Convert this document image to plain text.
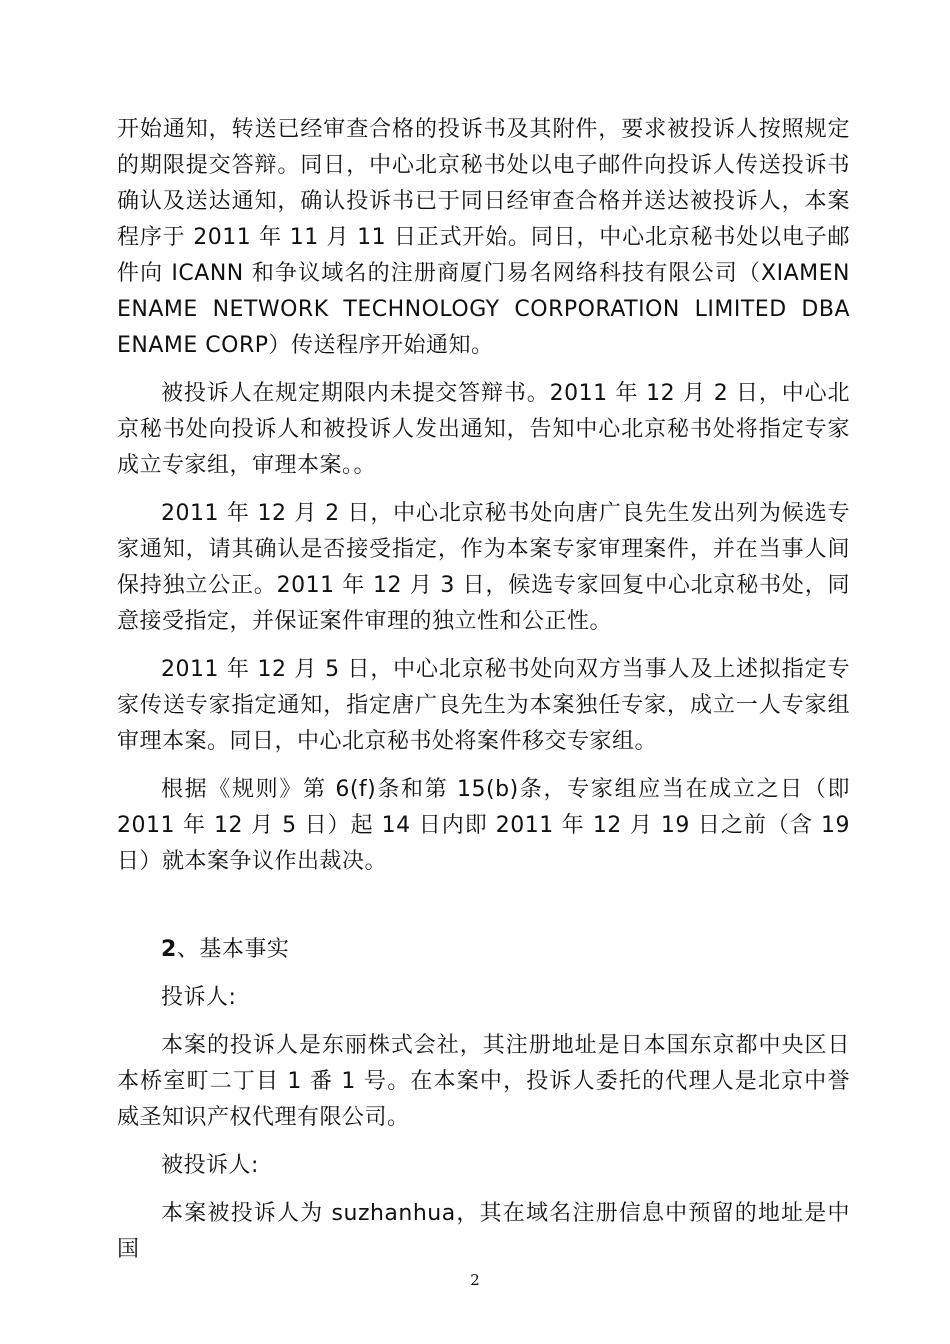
开始通知，转送已经审查合格的投诉书及其附件，要求被投诉人按照规定的期限提交答辩。同日，中心北京秘书处以电子邮件向投诉人传送投诉书确认及送达通知，确认投诉书已于同日经审查合格并送达被投诉人，本案程序于 2011 年 11 月 11 日正式开始。同日，中心北京秘书处以电子邮件向 ICANN 和争议域名的注册商厦门易名网络科技有限公司（XIAMEN ENAME NETWORK TECHNOLOGY CORPORATION LIMITED DBA ENAME CORP）传送程序开始通知。

被投诉人在规定期限内未提交答辩书。2011 年 12 月 2 日，中心北京秘书处向投诉人和被投诉人发出通知，告知中心北京秘书处将指定专家成立专家组，审理本案。。

2011 年 12 月 2 日，中心北京秘书处向唐广良先生发出列为候选专家通知，请其确认是否接受指定，作为本案专家审理案件，并在当事人间保持独立公正。2011 年 12 月 3 日，候选专家回复中心北京秘书处，同意接受指定，并保证案件审理的独立性和公正性。

2011 年 12 月 5 日，中心北京秘书处向双方当事人及上述拟指定专家传送专家指定通知，指定唐广良先生为本案独任专家，成立一人专家组审理本案。同日，中心北京秘书处将案件移交专家组。

根据《规则》第 6(f)条和第 15(b)条，专家组应当在成立之日（即 2011 年 12 月 5 日）起 14 日内即 2011 年 12 月 19 日之前（含 19 日）就本案争议作出裁决。

2、基本事实

投诉人:

本案的投诉人是东丽株式会社，其注册地址是日本国东京都中央区日本桥室町二丁目 1 番 1 号。在本案中，投诉人委托的代理人是北京中誉威圣知识产权代理有限公司。

被投诉人:

本案被投诉人为 suzhanhua，其在域名注册信息中预留的地址是中国

2
